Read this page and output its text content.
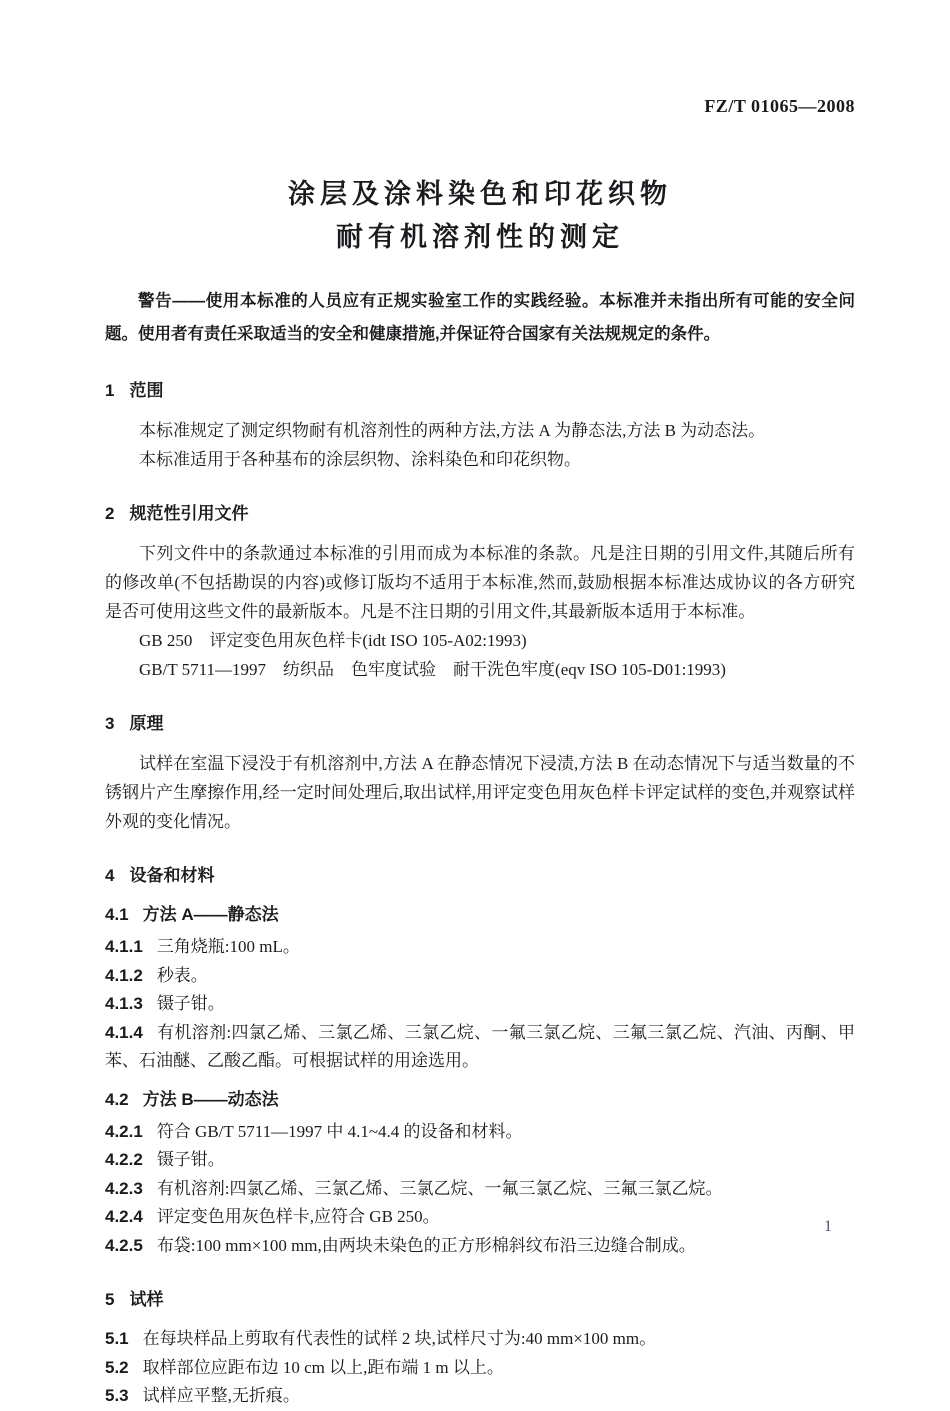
FZ/T 01065—2008
涂层及涂料染色和印花织物
耐有机溶剂性的测定

警告——使用本标准的人员应有正规实验室工作的实践经验。本标准并未指出所有可能的安全问题。使用者有责任采取适当的安全和健康措施,并保证符合国家有关法规规定的条件。

1 范围

本标准规定了测定织物耐有机溶剂性的两种方法,方法 A 为静态法,方法 B 为动态法。

本标准适用于各种基布的涂层织物、涂料染色和印花织物。

2 规范性引用文件

下列文件中的条款通过本标准的引用而成为本标准的条款。凡是注日期的引用文件,其随后所有的修改单(不包括勘误的内容)或修订版均不适用于本标准,然而,鼓励根据本标准达成协议的各方研究是否可使用这些文件的最新版本。凡是不注日期的引用文件,其最新版本适用于本标准。

GB 250　评定变色用灰色样卡(idt ISO 105-A02:1993)

GB/T 5711—1997　纺织品　色牢度试验　耐干洗色牢度(eqv ISO 105-D01:1993)

3 原理

试样在室温下浸没于有机溶剂中,方法 A 在静态情况下浸渍,方法 B 在动态情况下与适当数量的不锈钢片产生摩擦作用,经一定时间处理后,取出试样,用评定变色用灰色样卡评定试样的变色,并观察试样外观的变化情况。

4 设备和材料
4.1 方法 A——静态法

4.1.1 三角烧瓶:100 mL。

4.1.2 秒表。

4.1.3 镊子钳。

4.1.4 有机溶剂:四氯乙烯、三氯乙烯、三氯乙烷、一氟三氯乙烷、三氟三氯乙烷、汽油、丙酮、甲苯、石油醚、乙酸乙酯。可根据试样的用途选用。

4.2 方法 B——动态法

4.2.1 符合 GB/T 5711—1997 中 4.1~4.4 的设备和材料。

4.2.2 镊子钳。

4.2.3 有机溶剂:四氯乙烯、三氯乙烯、三氯乙烷、一氟三氯乙烷、三氟三氯乙烷。

4.2.4 评定变色用灰色样卡,应符合 GB 250。

4.2.5 布袋:100 mm×100 mm,由两块未染色的正方形棉斜纹布沿三边缝合制成。

5 试样

5.1 在每块样品上剪取有代表性的试样 2 块,试样尺寸为:40 mm×100 mm。

5.2 取样部位应距布边 10 cm 以上,距布端 1 m 以上。

5.3 试样应平整,无折痕。

1
